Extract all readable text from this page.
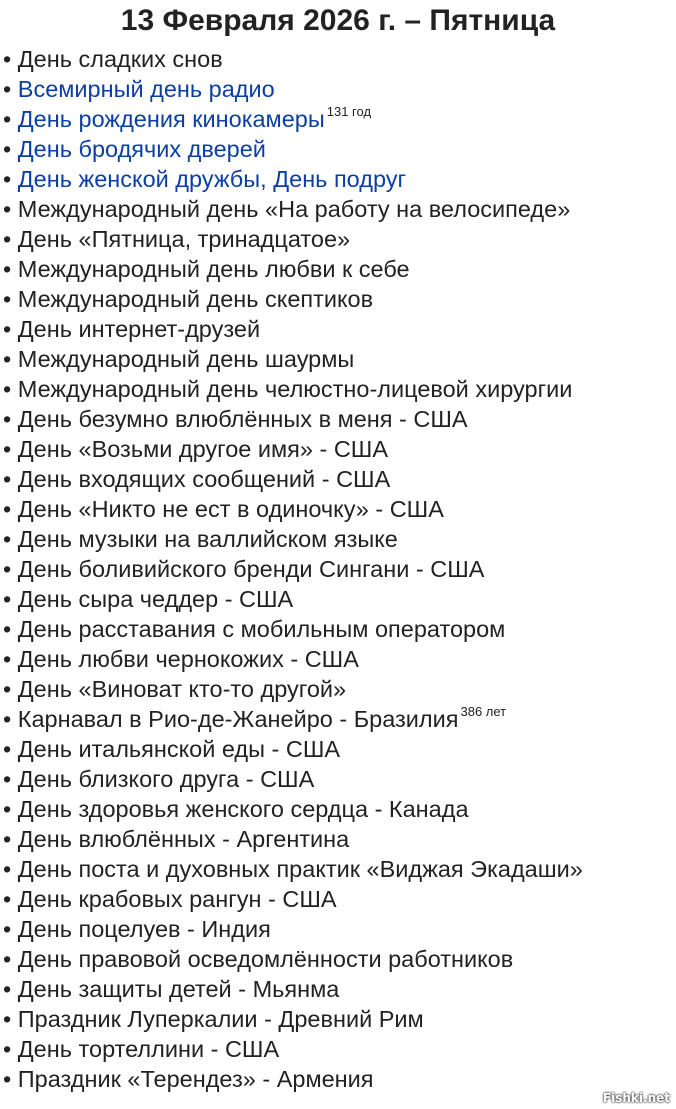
13 Февраля 2026 г. – Пятница
• День сладких снов
• Всемирный день радио
• День рождения кинокамеры $^{131 год}$
• День бродячих дверей
• День женской дружбы, День подруг
• Международный день «На работу на велосипеде»
• День «Пятница, тринадцатое»
• Международный день любви к себе
• Международный день скептиков
• День интернет-друзей
• Международный день шаурмы
• Международный день челюстно-лицевой хирургии
• День безумно влюблённых в меня - США
• День «Возьми другое имя» - США
• День входящих сообщений - США
• День «Никто не ест в одиночку» - США
• День музыки на валлийском языке
• День боливийского бренди Сингани - США
• День сыра чеддер - США
• День расставания с мобильным оператором
• День любви чернокожих - США
• День «Виноват кто-то другой»
• Карнавал в Рио-де-Жанейро - Бразилия $^{386 лет}$
• День итальянской еды - США
• День близкого друга - США
• День здоровья женского сердца - Канада
• День влюблённых - Аргентина
• День поста и духовных практик «Виджая Экадаши»
• День крабовых рангун - США
• День поцелуев - Индия
• День правовой осведомлённости работников
• День защиты детей - Мьянма
• Праздник Луперкалии - Древний Рим
• День тортеллини - США
• Праздник «Терендез» - Армения
Fishki.net
